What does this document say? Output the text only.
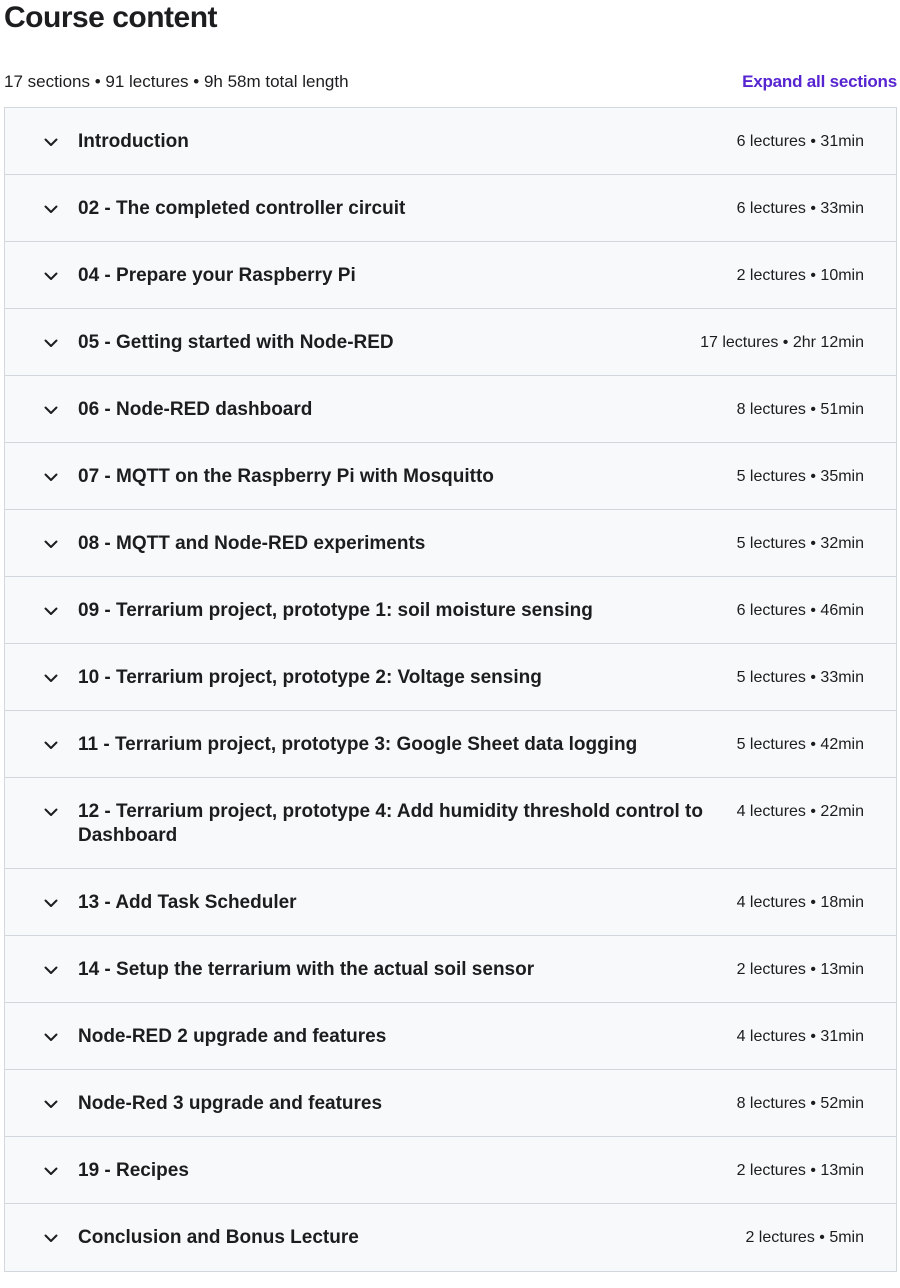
Course content
17 sections • 91 lectures • 9h 58m total length	Expand all sections
Introduction	6 lectures • 31min
02 - The completed controller circuit	6 lectures • 33min
04 - Prepare your Raspberry Pi	2 lectures • 10min
05 - Getting started with Node-RED	17 lectures • 2hr 12min
06 - Node-RED dashboard	8 lectures • 51min
07 - MQTT on the Raspberry Pi with Mosquitto	5 lectures • 35min
08 - MQTT and Node-RED experiments	5 lectures • 32min
09 - Terrarium project, prototype 1: soil moisture sensing	6 lectures • 46min
10 - Terrarium project, prototype 2: Voltage sensing	5 lectures • 33min
11 - Terrarium project, prototype 3: Google Sheet data logging	5 lectures • 42min
12 - Terrarium project, prototype 4: Add humidity threshold control to Dashboard
4 lectures • 22min
13 - Add Task Scheduler	4 lectures • 18min
14 - Setup the terrarium with the actual soil sensor	2 lectures • 13min
Node-RED 2 upgrade and features	4 lectures • 31min
Node-Red 3 upgrade and features	8 lectures • 52min
19 - Recipes	2 lectures • 13min
Conclusion and Bonus Lecture	2 lectures • 5min
